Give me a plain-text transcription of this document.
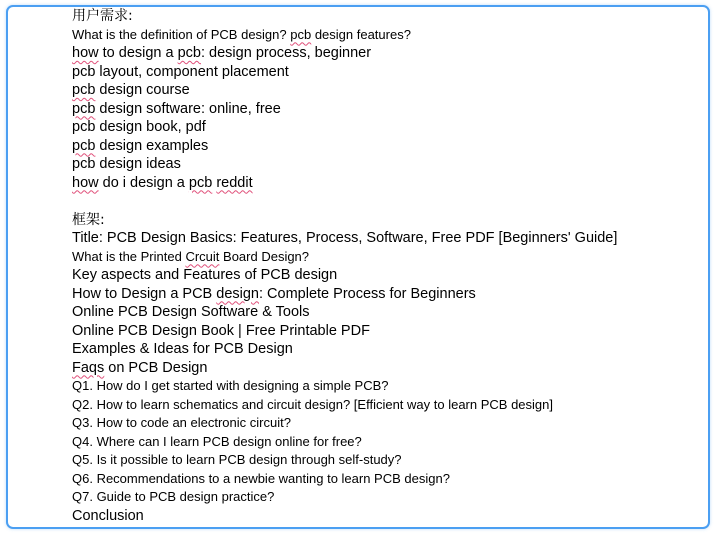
用户需求:
What is the definition of PCB design? pcb design features?
how to design a pcb: design process, beginner
pcb layout, component placement
pcb design course
pcb design software: online, free
pcb design book, pdf
pcb design examples
pcb design ideas
how do i design a pcb reddit
框架:
Title: PCB Design Basics: Features, Process, Software, Free PDF [Beginners' Guide]
What is the Printed Crcuit Board Design?
Key aspects and Features of PCB design
How to Design a PCB design: Complete Process for Beginners
Online PCB Design Software & Tools
Online PCB Design Book | Free Printable PDF
Examples & Ideas for PCB Design
Faqs on PCB Design
Q1. How do I get started with designing a simple PCB?
Q2. How to learn schematics and circuit design? [Efficient way to learn PCB design]
Q3. How to code an electronic circuit?
Q4. Where can I learn PCB design online for free?
Q5. Is it possible to learn PCB design through self-study?
Q6. Recommendations to a newbie wanting to learn PCB design?
Q7. Guide to PCB design practice?
Conclusion
